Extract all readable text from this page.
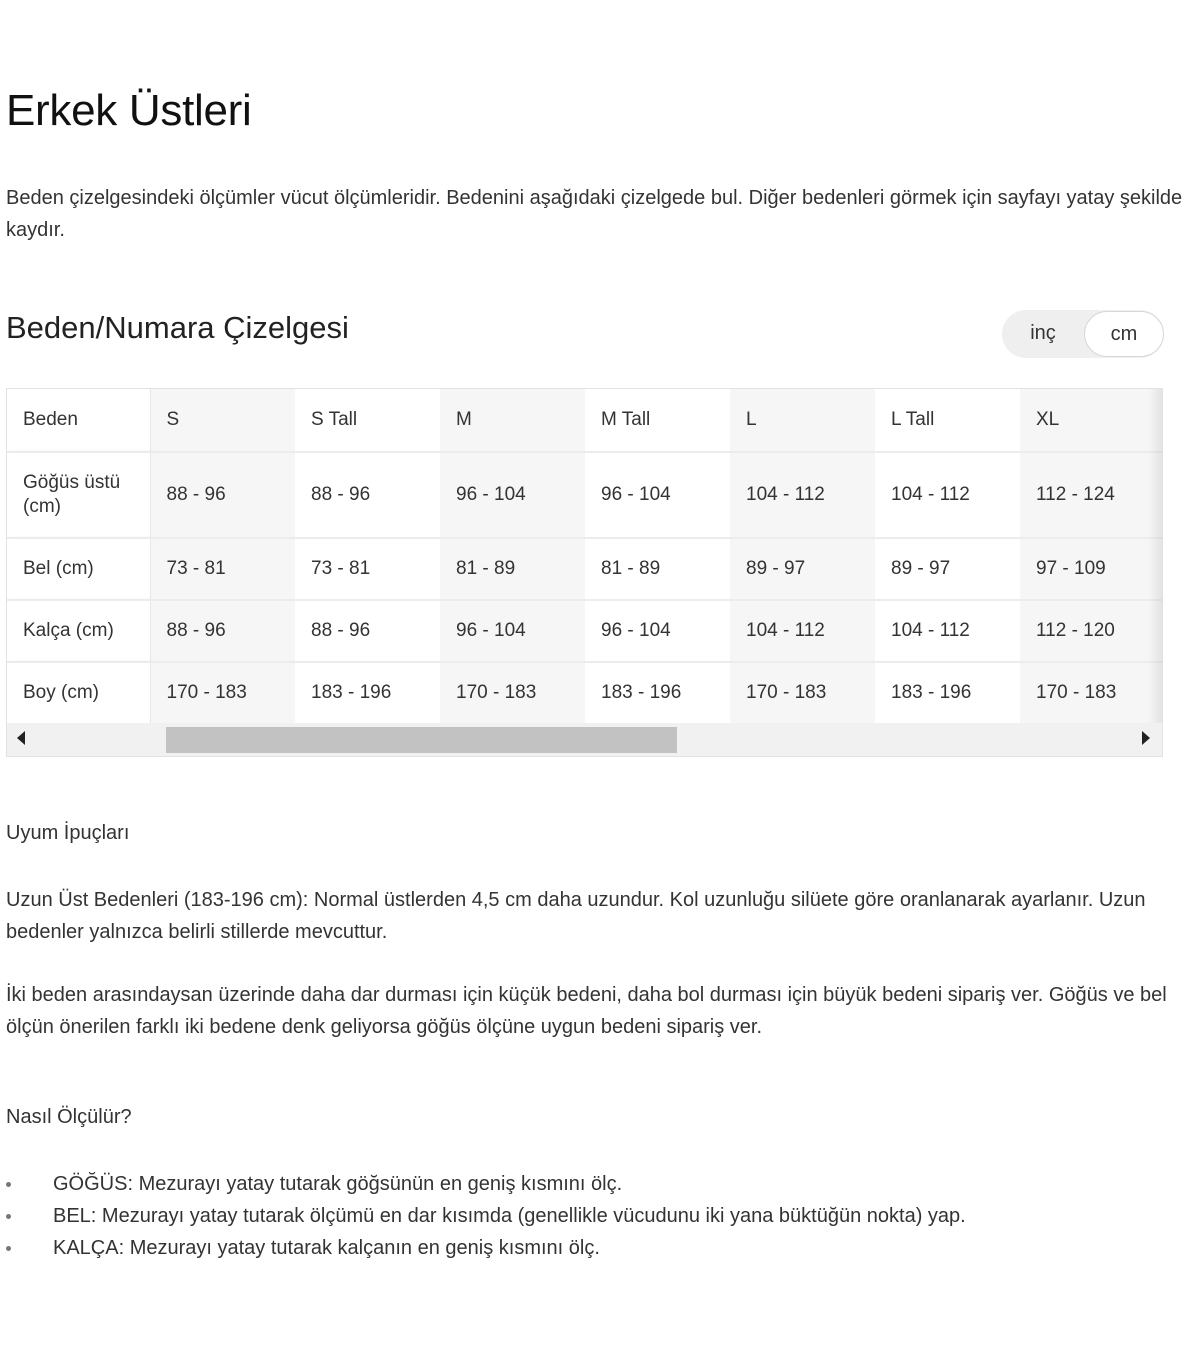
Erkek Üstleri

Beden çizelgesindeki ölçümler vücut ölçümleridir. Bedenini aşağıdaki çizelgede bul. Diğer bedenleri görmek için sayfayı yatay şekilde kaydır.

Beden/Numara Çizelgesi	inç	cm
Beden	S	S Tall	M	M Tall	L	L Tall	XL

Göğüs üstü (cm)	88 - 96	88 - 96	96 - 104	96 - 104	104 - 112	104 - 112	112 - 124

Bel (cm)	73 - 81	73 - 81	81 - 89	81 - 89	89 - 97	89 - 97	97 - 109

Kalça (cm)	88 - 96	88 - 96	96 - 104	96 - 104	104 - 112	104 - 112	112 - 120

Boy (cm)	170 - 183	183 - 196	170 - 183	183 - 196	170 - 183	183 - 196	170 - 183
Uyum İpuçları

Uzun Üst Bedenleri (183-196 cm): Normal üstlerden 4,5 cm daha uzundur. Kol uzunluğu silüete göre oranlanarak ayarlanır. Uzun bedenler yalnızca belirli stillerde mevcuttur.

İki beden arasındaysan üzerinde daha dar durması için küçük bedeni, daha bol durması için büyük bedeni sipariş ver. Göğüs ve bel ölçün önerilen farklı iki bedene denk geliyorsa göğüs ölçüne uygun bedeni sipariş ver.

Nasıl Ölçülür?
GÖĞÜS: Mezurayı yatay tutarak göğsünün en geniş kısmını ölç.
BEL: Mezurayı yatay tutarak ölçümü en dar kısımda (genellikle vücudunu iki yana büktüğün nokta) yap.
KALÇA: Mezurayı yatay tutarak kalçanın en geniş kısmını ölç.
